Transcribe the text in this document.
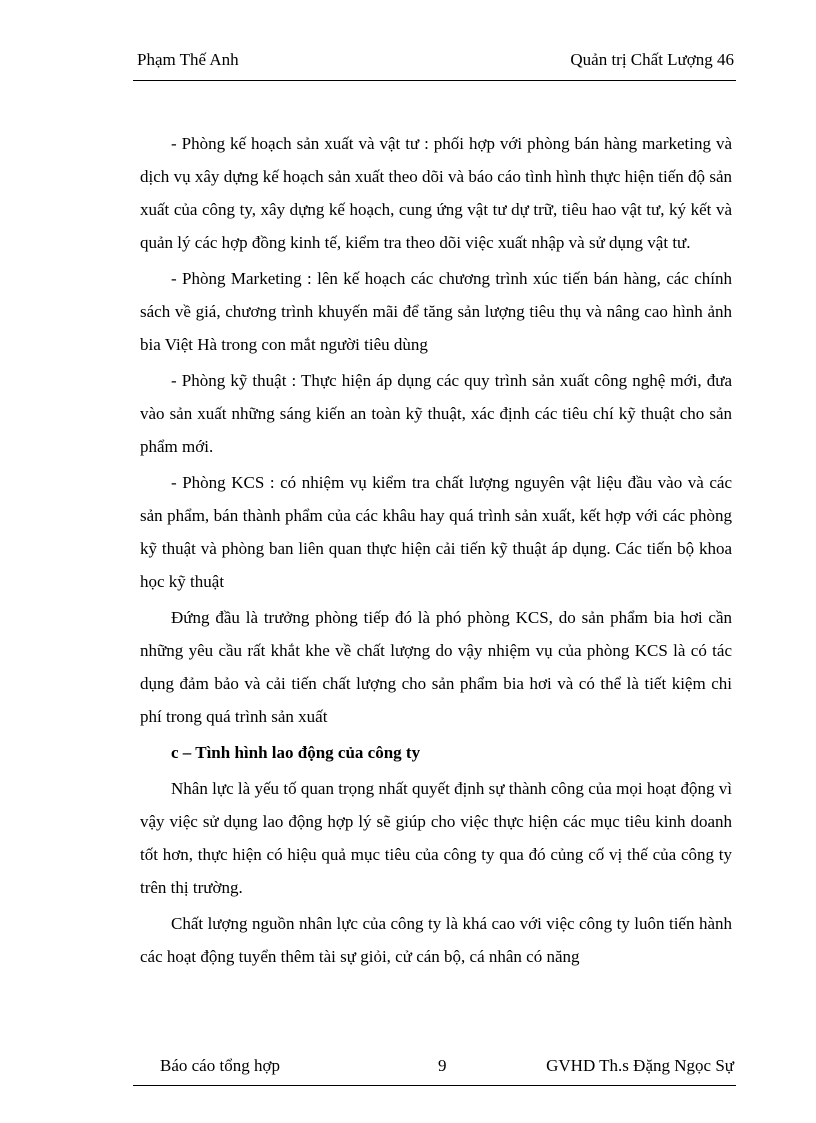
Phạm Thế Anh	Quản trị Chất Lượng 46

- Phòng kế hoạch sản xuất và vật tư : phối hợp với phòng bán hàng marketing và dịch vụ xây dựng kế hoạch sản xuất theo dõi và báo cáo tình hình thực hiện tiến độ sản xuất của công ty, xây dựng kế hoạch, cung ứng vật tư dự trữ, tiêu hao vật tư, ký kết và quản lý các hợp đồng kinh tế, kiểm tra theo dõi việc xuất nhập và sử dụng vật tư.

- Phòng Marketing : lên kế hoạch các chương trình xúc tiến bán hàng, các chính sách về giá, chương trình khuyến mãi để tăng sản lượng tiêu thụ và nâng cao hình ảnh bia Việt Hà trong con mắt người tiêu dùng

- Phòng kỹ thuật : Thực hiện áp dụng các quy trình sản xuất công nghệ mới, đưa vào sản xuất những sáng kiến an toàn kỹ thuật, xác định các tiêu chí kỹ thuật cho sản phẩm mới.

- Phòng KCS : có nhiệm vụ kiểm tra chất lượng nguyên vật liệu đầu vào và các sản phẩm, bán thành phẩm của các khâu hay quá trình sản xuất, kết hợp với các phòng kỹ thuật và phòng ban liên quan thực hiện cải tiến kỹ thuật áp dụng. Các tiến bộ khoa học kỹ thuật

Đứng đầu là trưởng phòng tiếp đó là phó phòng KCS, do sản phẩm bia hơi cần những yêu cầu rất khắt khe về chất lượng do vậy nhiệm vụ của phòng KCS là có tác dụng đảm bảo và cải tiến chất lượng cho sản phẩm bia hơi và có thể là tiết kiệm chi phí trong quá trình sản xuất

c – Tình hình lao động của công ty

Nhân lực là yếu tố quan trọng nhất quyết định sự thành công của mọi hoạt động vì vậy việc sử dụng lao động hợp lý sẽ giúp cho việc thực hiện các mục tiêu kinh doanh tốt hơn, thực hiện có hiệu quả mục tiêu của công ty qua đó củng cố vị thế của công ty trên thị trường.

Chất lượng nguồn nhân lực của công ty là khá cao với việc công ty luôn tiến hành các hoạt động tuyển thêm tài sự giỏi, cử cán bộ, cá nhân có năng

Báo cáo tổng hợp	9	GVHD Th.s Đặng Ngọc Sự
